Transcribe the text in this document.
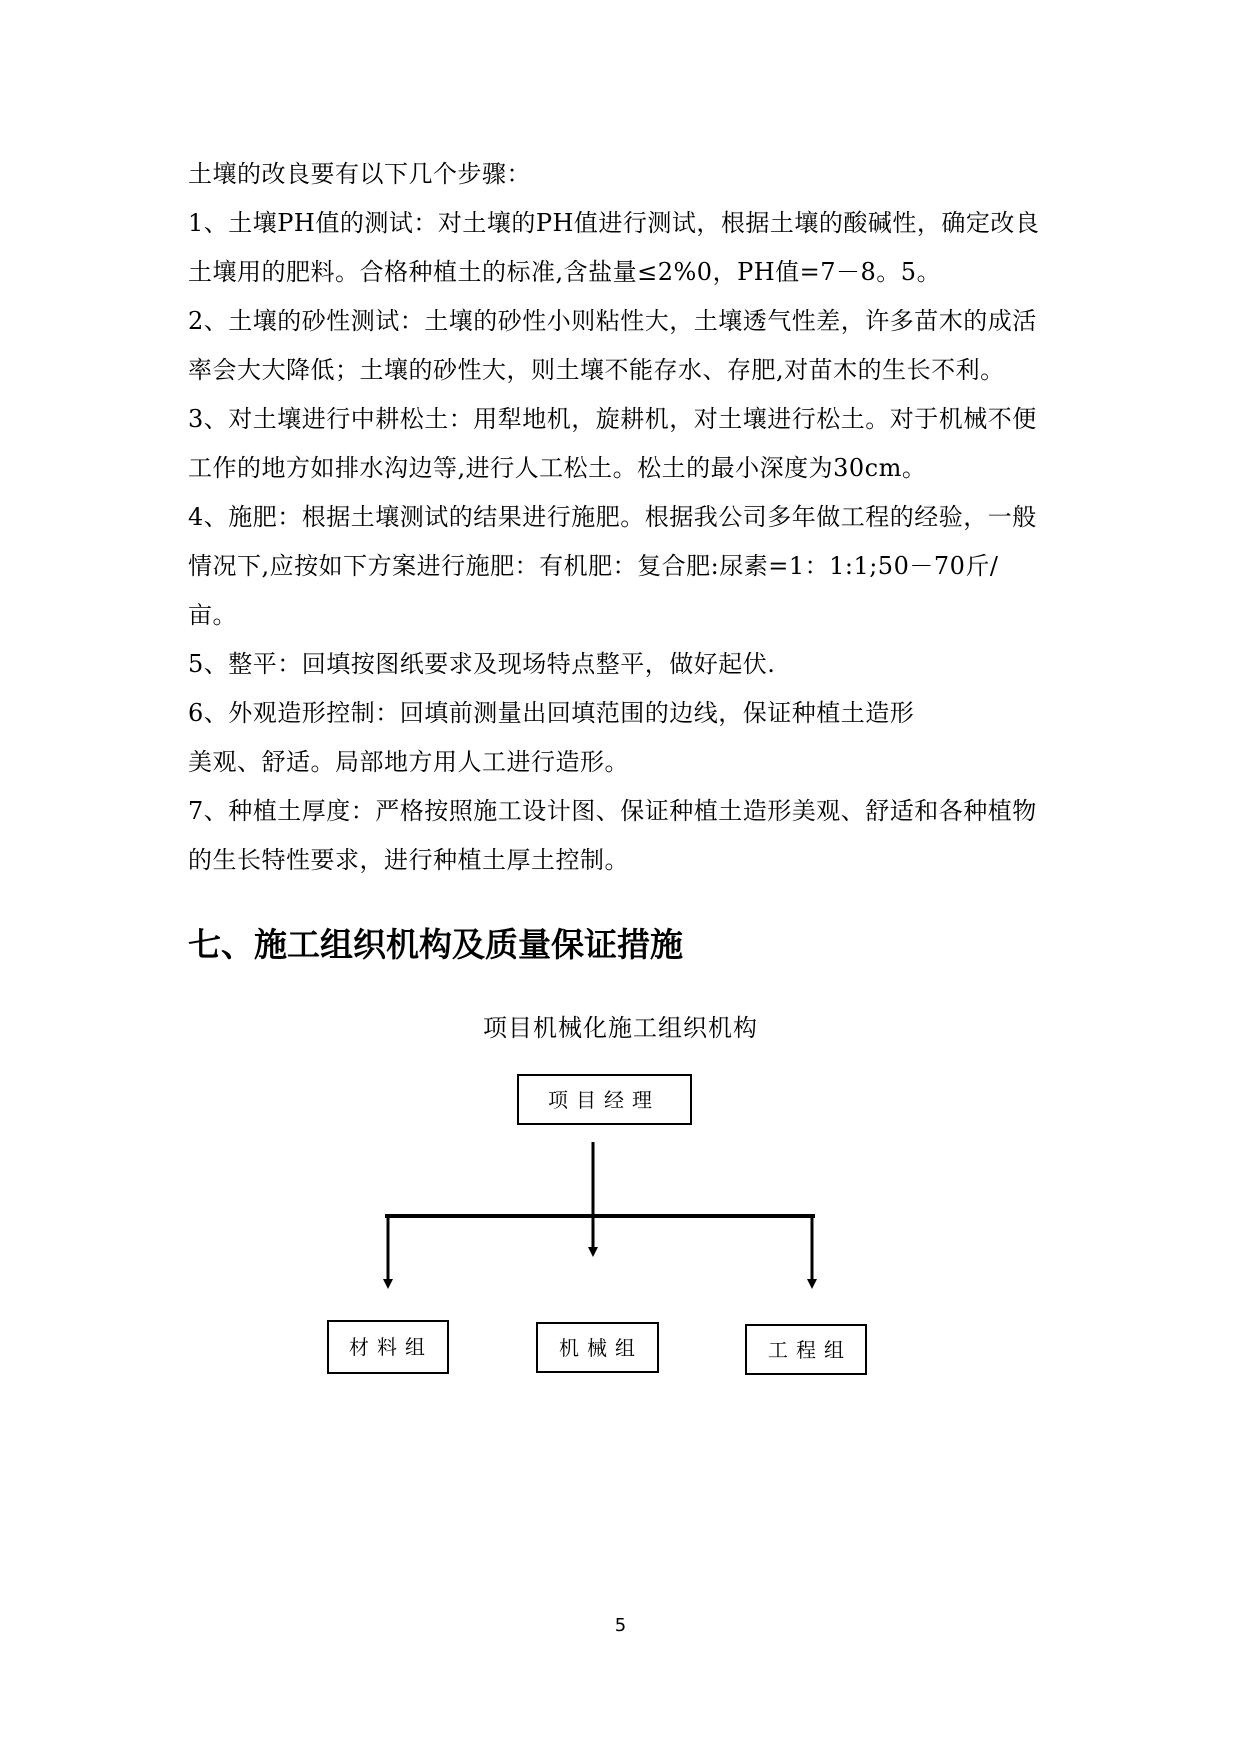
土壤的改良要有以下几个步骤：
1、土壤PH值的测试：对土壤的PH值进行测试，根据土壤的酸碱性，确定改良
土壤用的肥料。合格种植土的标准,含盐量≤2%0，PH值=7－8。5。
2、土壤的砂性测试：土壤的砂性小则粘性大，土壤透气性差，许多苗木的成活
率会大大降低；土壤的砂性大，则土壤不能存水、存肥,对苗木的生长不利。
3、对土壤进行中耕松土：用犁地机，旋耕机，对土壤进行松土。对于机械不便
工作的地方如排水沟边等,进行人工松土。松土的最小深度为30cm。
4、施肥：根据土壤测试的结果进行施肥。根据我公司多年做工程的经验，一般
情况下,应按如下方案进行施肥：有机肥：复合肥:尿素=1：1:1;50－70斤/
亩。
5、整平：回填按图纸要求及现场特点整平，做好起伏.
6、外观造形控制：回填前测量出回填范围的边线，保证种植土造形
美观、舒适。局部地方用人工进行造形。
7、种植土厚度：严格按照施工设计图、保证种植土造形美观、舒适和各种植物
的生长特性要求，进行种植土厚土控制。
七、施工组织机构及质量保证措施
项目机械化施工组织机构
项目经理
材料组	机械组	工程组
5
